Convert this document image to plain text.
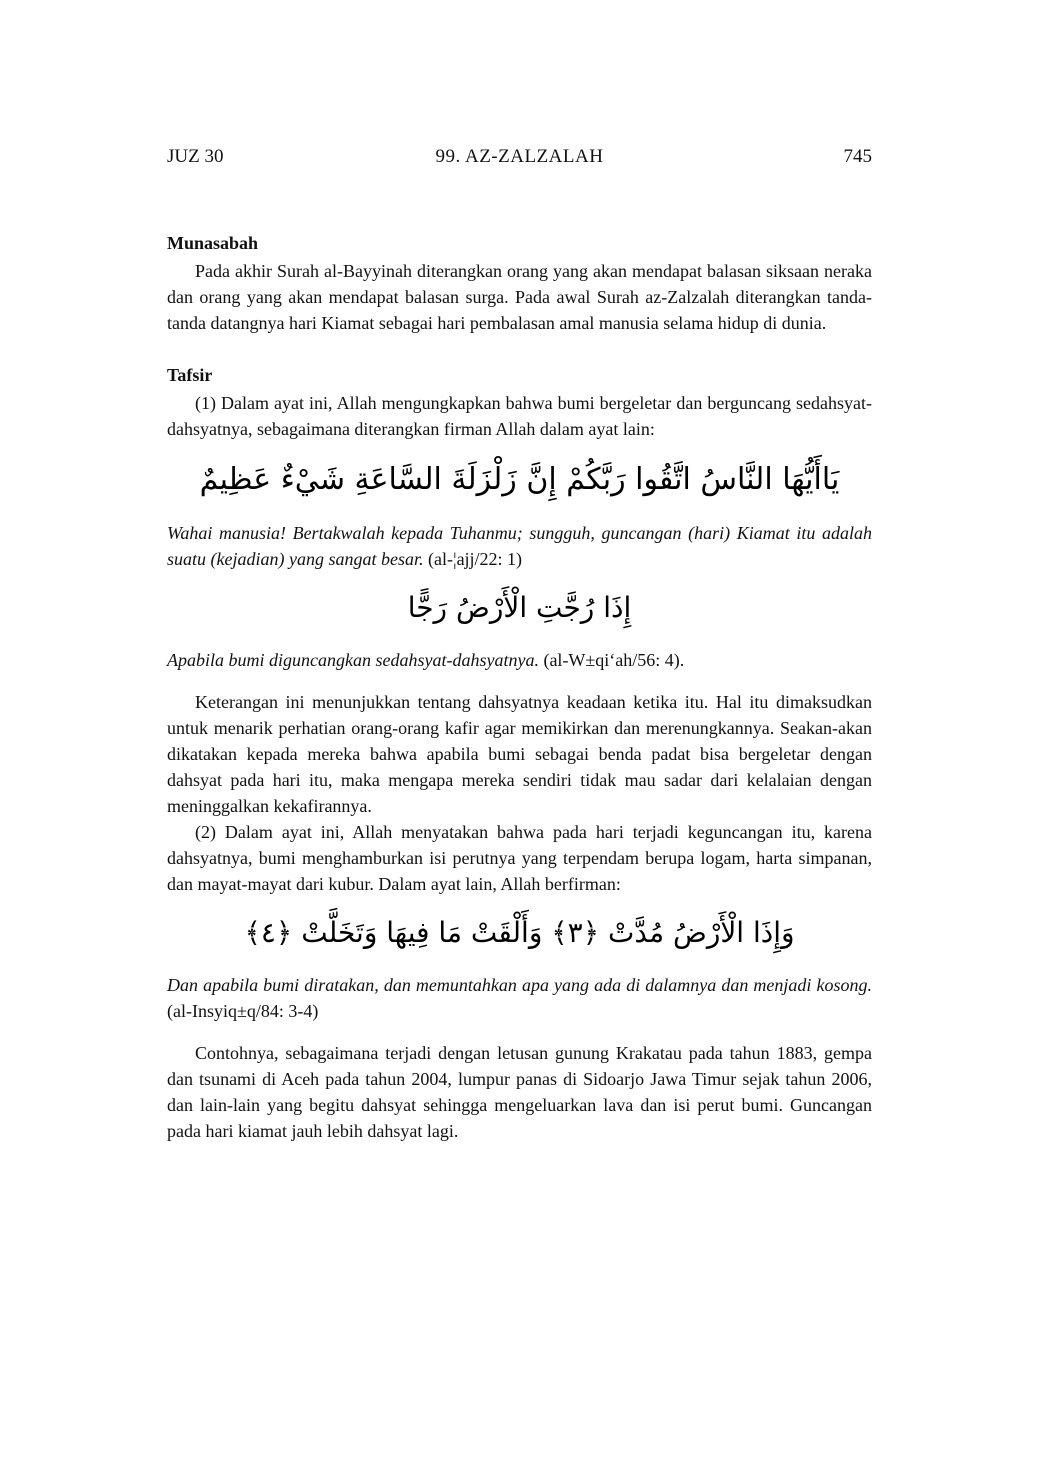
JUZ 30	99. AZ-ZALZALAH	745
Munasabah

Pada akhir Surah al-Bayyinah diterangkan orang yang akan mendapat balasan siksaan neraka dan orang yang akan mendapat balasan surga. Pada awal Surah az-Zalzalah diterangkan tanda-tanda datangnya hari Kiamat sebagai hari pembalasan amal manusia selama hidup di dunia.

Tafsir

(1) Dalam ayat ini, Allah mengungkapkan bahwa bumi bergeletar dan berguncang sedahsyat-dahsyatnya, sebagaimana diterangkan firman Allah dalam ayat lain:

يَاأَيُّهَا النَّاسُ اتَّقُوا رَبَّكُمْ إِنَّ زَلْزَلَةَ السَّاعَةِ شَيْءٌ عَظِيمٌ

Wahai manusia! Bertakwalah kepada Tuhanmu; sungguh, guncangan (hari) Kiamat itu adalah suatu (kejadian) yang sangat besar. (al-¦ajj/22: 1)

إِذَا رُجَّتِ الْأَرْضُ رَجًّا

Apabila bumi diguncangkan sedahsyat-dahsyatnya. (al-W±qi‘ah/56: 4).

Keterangan ini menunjukkan tentang dahsyatnya keadaan ketika itu. Hal itu dimaksudkan untuk menarik perhatian orang-orang kafir agar memikirkan dan merenungkannya. Seakan-akan dikatakan kepada mereka bahwa apabila bumi sebagai benda padat bisa bergeletar dengan dahsyat pada hari itu, maka mengapa mereka sendiri tidak mau sadar dari kelalaian dengan meninggalkan kekafirannya.

(2) Dalam ayat ini, Allah menyatakan bahwa pada hari terjadi keguncangan itu, karena dahsyatnya, bumi menghamburkan isi perutnya yang terpendam berupa logam, harta simpanan, dan mayat-mayat dari kubur. Dalam ayat lain, Allah berfirman:

وَإِذَا الْأَرْضُ مُدَّتْ ﴿٣﴾ وَأَلْقَتْ مَا فِيهَا وَتَخَلَّتْ ﴿٤﴾

Dan apabila bumi diratakan, dan memuntahkan apa yang ada di dalamnya dan menjadi kosong. (al-Insyiq±q/84: 3-4)

Contohnya, sebagaimana terjadi dengan letusan gunung Krakatau pada tahun 1883, gempa dan tsunami di Aceh pada tahun 2004, lumpur panas di Sidoarjo Jawa Timur sejak tahun 2006, dan lain-lain yang begitu dahsyat sehingga mengeluarkan lava dan isi perut bumi. Guncangan pada hari kiamat jauh lebih dahsyat lagi.
